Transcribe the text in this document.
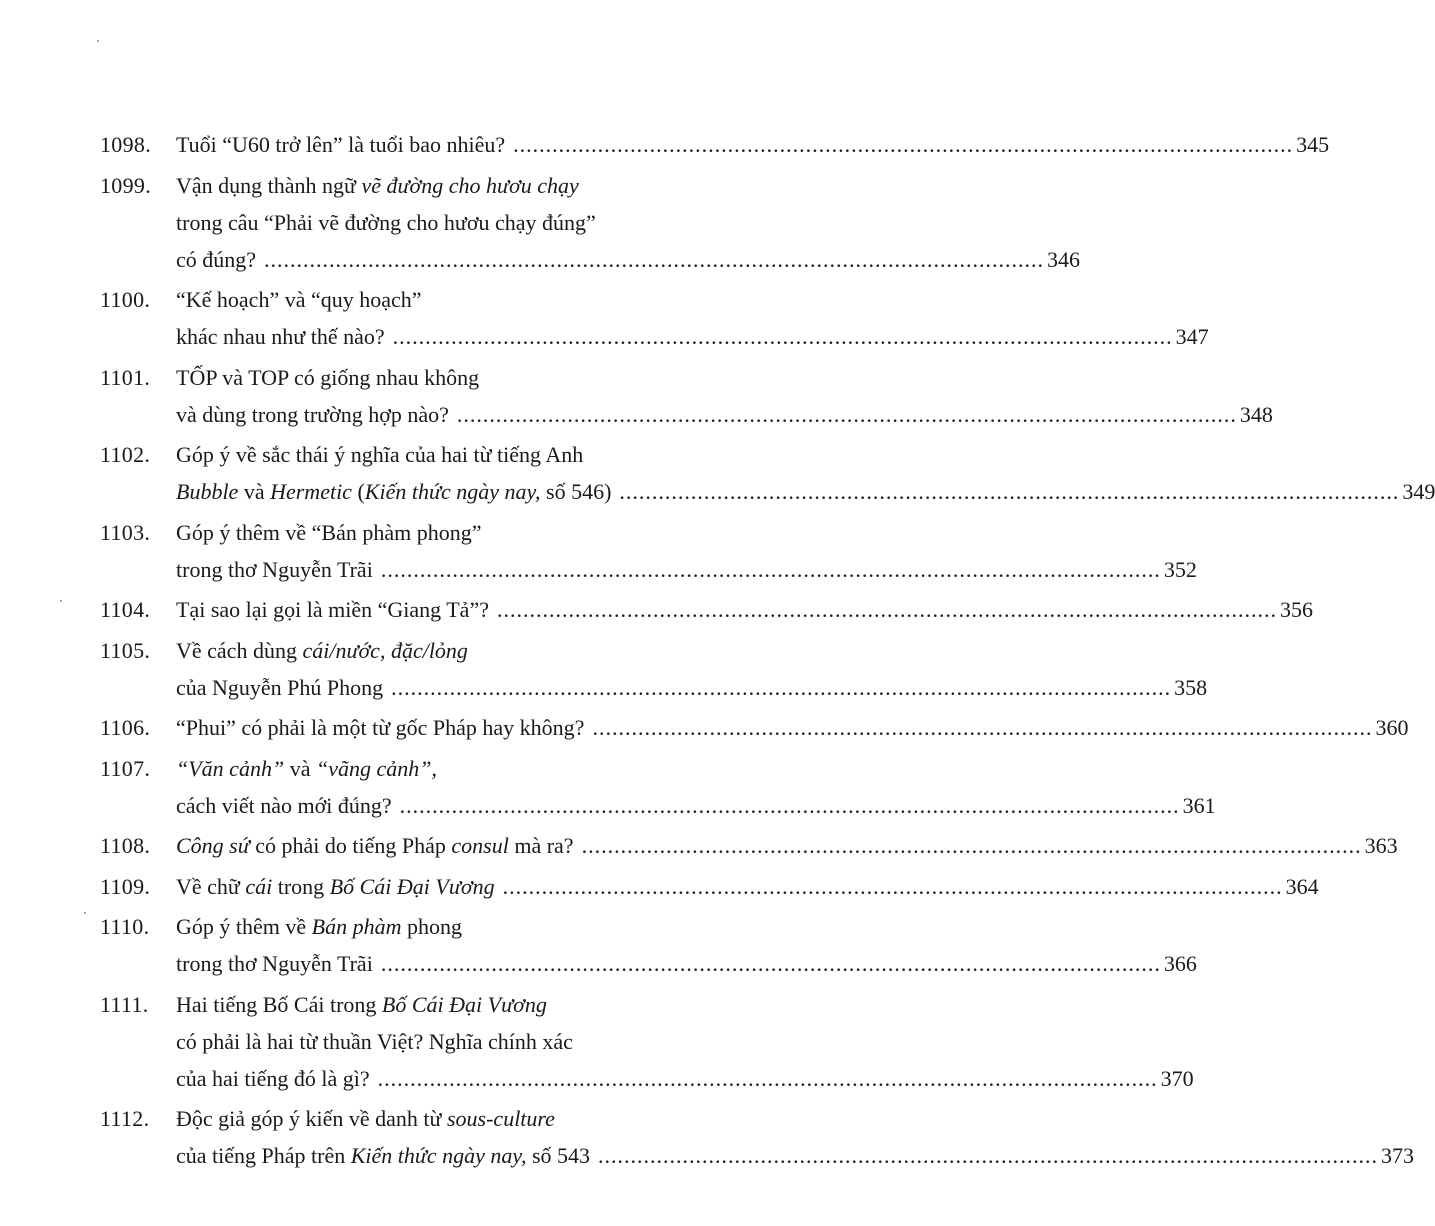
1098. Tuổi “U60 trở lên” là tuổi bao nhiêu? ........................................................................................................................ 345
1099. Vận dụng thành ngữ vẽ đường cho hươu chạy
trong câu “Phải vẽ đường cho hươu chạy đúng”
có đúng? ........................................................................................................................ 346
1100. “Kế hoạch” và “quy hoạch”
khác nhau như thế nào? ........................................................................................................................ 347
1101. TỐP và TOP có giống nhau không
và dùng trong trường hợp nào? ........................................................................................................................ 348
1102. Góp ý về sắc thái ý nghĩa của hai từ tiếng Anh
Bubble và Hermetic (Kiến thức ngày nay, số 546) ........................................................................................................................ 349
1103. Góp ý thêm về “Bán phàm phong”
trong thơ Nguyễn Trãi ........................................................................................................................ 352
1104. Tại sao lại gọi là miền “Giang Tả”? ........................................................................................................................ 356
1105. Về cách dùng cái/nước, đặc/lỏng
của Nguyễn Phú Phong ........................................................................................................................ 358
1106. “Phui” có phải là một từ gốc Pháp hay không? ........................................................................................................................ 360
1107. “Văn cảnh” và “vãng cảnh”,
cách viết nào mới đúng? ........................................................................................................................ 361
1108. Công sứ có phải do tiếng Pháp consul mà ra? ........................................................................................................................ 363
1109. Về chữ cái trong Bố Cái Đại Vương ........................................................................................................................ 364
1110. Góp ý thêm về Bán phàm phong
trong thơ Nguyễn Trãi ........................................................................................................................ 366
1111. Hai tiếng Bố Cái trong Bố Cái Đại Vương
có phải là hai từ thuần Việt? Nghĩa chính xác
của hai tiếng đó là gì? ........................................................................................................................ 370
1112. Độc giả góp ý kiến về danh từ sous-culture
của tiếng Pháp trên Kiến thức ngày nay, số 543 ........................................................................................................................ 373
